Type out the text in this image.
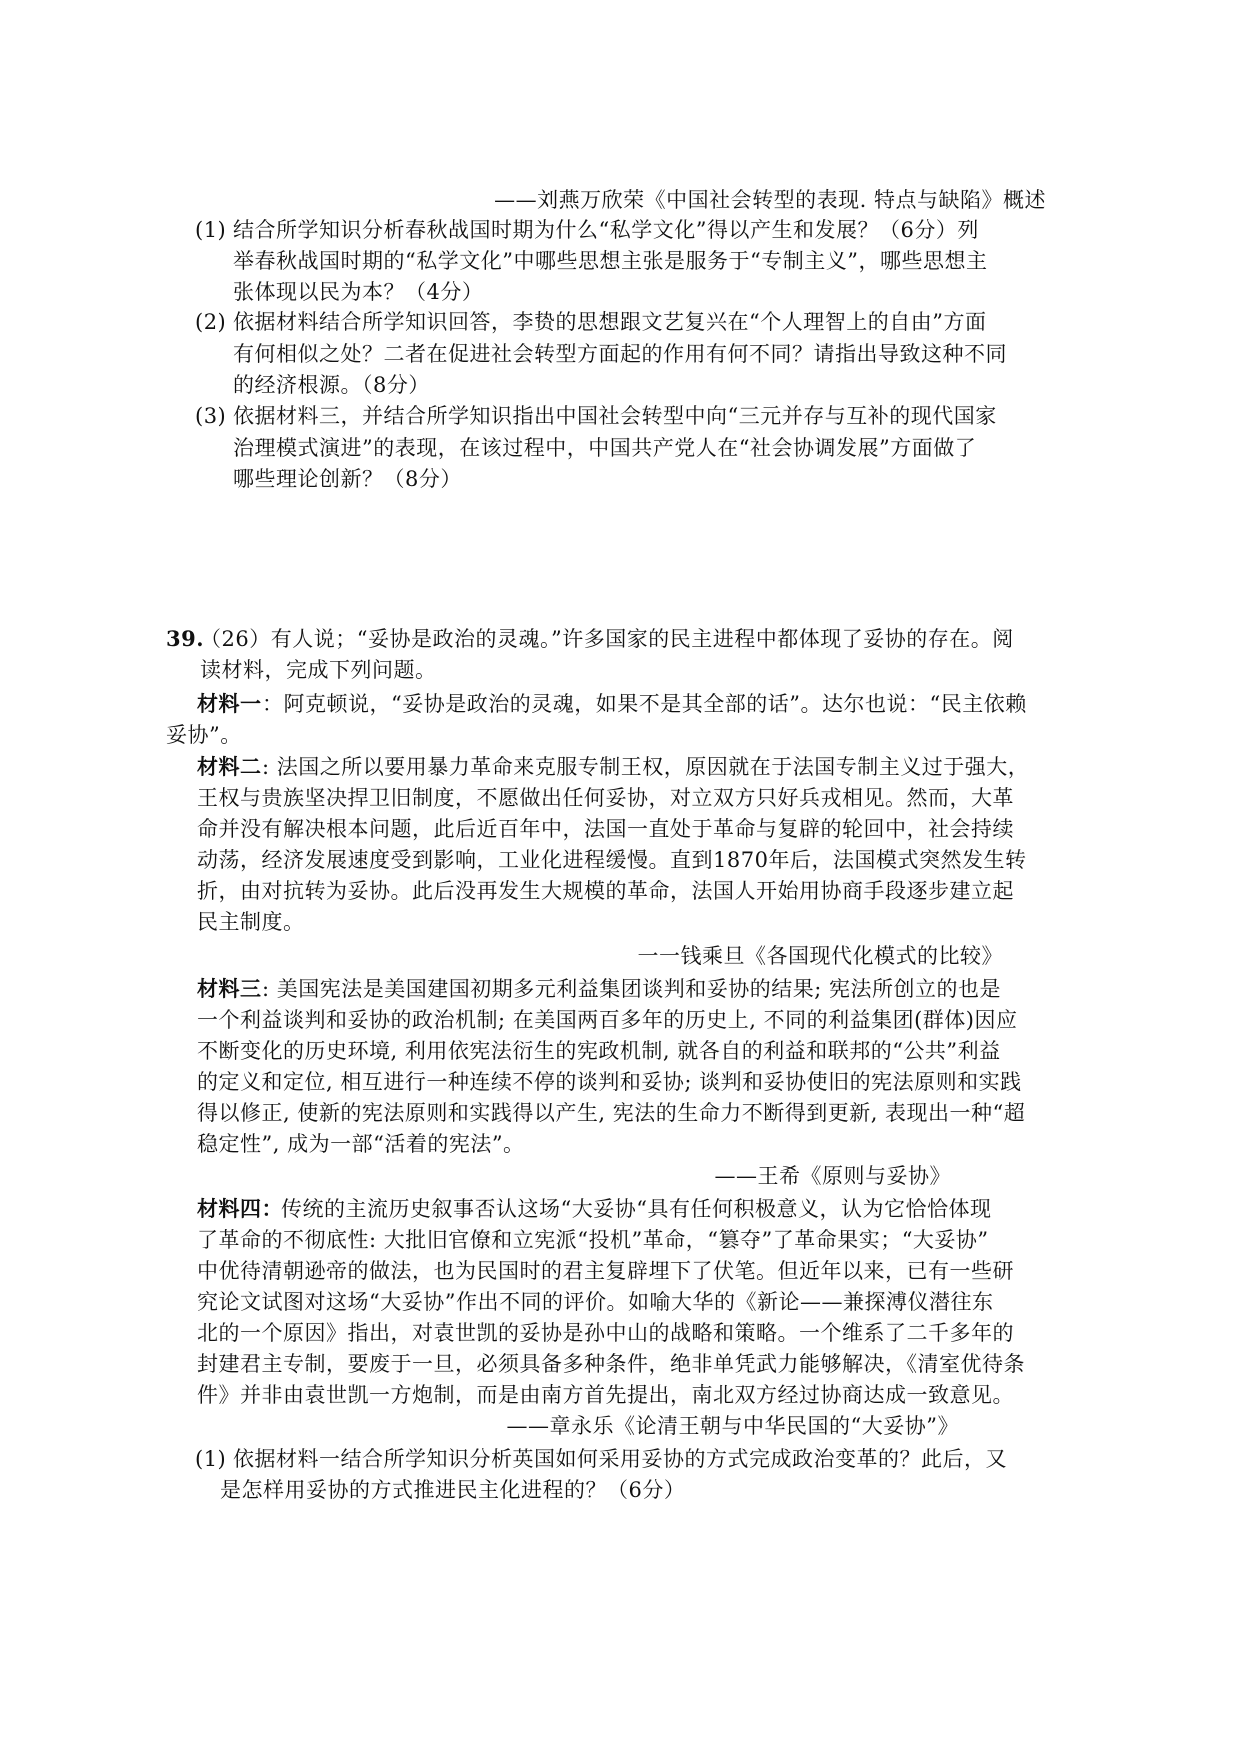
——刘燕万欣荣《中国社会转型的表现. 特点与缺陷》概述
(1) 结合所学知识分析春秋战国时期为什么“私学文化”得以产生和发展？（6分）列
举春秋战国时期的“私学文化”中哪些思想主张是服务于“专制主义”，哪些思想主
张体现以民为本？（4分）
(2) 依据材料结合所学知识回答，李贽的思想跟文艺复兴在“个人理智上的自由”方面
有何相似之处？二者在促进社会转型方面起的作用有何不同？请指出导致这种不同
的经济根源。（8分）
(3) 依据材料三，并结合所学知识指出中国社会转型中向“三元并存与互补的现代国家
治理模式演进”的表现，在该过程中，中国共产党人在“社会协调发展”方面做了
哪些理论创新？（8分）
39.
（26）有人说；“妥协是政治的灵魂。”许多国家的民主进程中都体现了妥协的存在。阅
读材料，完成下列问题。
材料一 ：阿克顿说，“妥协是政治的灵魂，如果不是其全部的话”。达尔也说：“民主依赖
妥协”。
材料二 : 法国之所以要用暴力革命来克服专制王权，原因就在于法国专制主义过于强大，
王权与贵族坚决捍卫旧制度，不愿做出任何妥协，对立双方只好兵戎相见。然而，大革
命并没有解决根本问题，此后近百年中，法国一直处于革命与复辟的轮回中，社会持续
动荡，经济发展速度受到影响，工业化进程缓慢。直到1870年后，法国模式突然发生转
折，由对抗转为妥协。此后没再发生大规模的革命，法国人开始用协商手段逐步建立起
民主制度。
一一钱乘旦《各国现代化模式的比较》
材料三 : 美国宪法是美国建国初期多元利益集团谈判和妥协的结果; 宪法所创立的也是
一个利益谈判和妥协的政治机制; 在美国两百多年的历史上, 不同的利益集团(群体)因应
不断变化的历史环境, 利用依宪法衍生的宪政机制, 就各自的利益和联邦的“公共”利益
的定义和定位, 相互进行一种连续不停的谈判和妥协; 谈判和妥协使旧的宪法原则和实践
得以修正, 使新的宪法原则和实践得以产生, 宪法的生命力不断得到更新, 表现出一种“超
稳定性”, 成为一部“活着的宪法”。
——王希《原则与妥协》
材料四：
传统的主流历史叙事否认这场“大妥协“具有任何积极意义，认为它恰恰体现
了革命的不彻底性: 大批旧官僚和立宪派“投机”革命，“篡夺”了革命果实；“大妥协”
中优待清朝逊帝的做法，也为民国时的君主复辟埋下了伏笔。但近年以来，已有一些研
究论文试图对这场“大妥协”作出不同的评价。如喻大华的《新论——兼探溥仪潜往东
北的一个原因》指出，对袁世凯的妥协是孙中山的战略和策略。一个维系了二千多年的
封建君主专制，要废于一旦，必须具备多种条件，绝非单凭武力能够解决，《清室优待条
件》并非由袁世凯一方炮制，而是由南方首先提出，南北双方经过协商达成一致意见。
——章永乐《论清王朝与中华民国的“大妥协”》
(1) 依据材料一结合所学知识分析英国如何采用妥协的方式完成政治变革的？此后，又
是怎样用妥协的方式推进民主化进程的？（6分）
